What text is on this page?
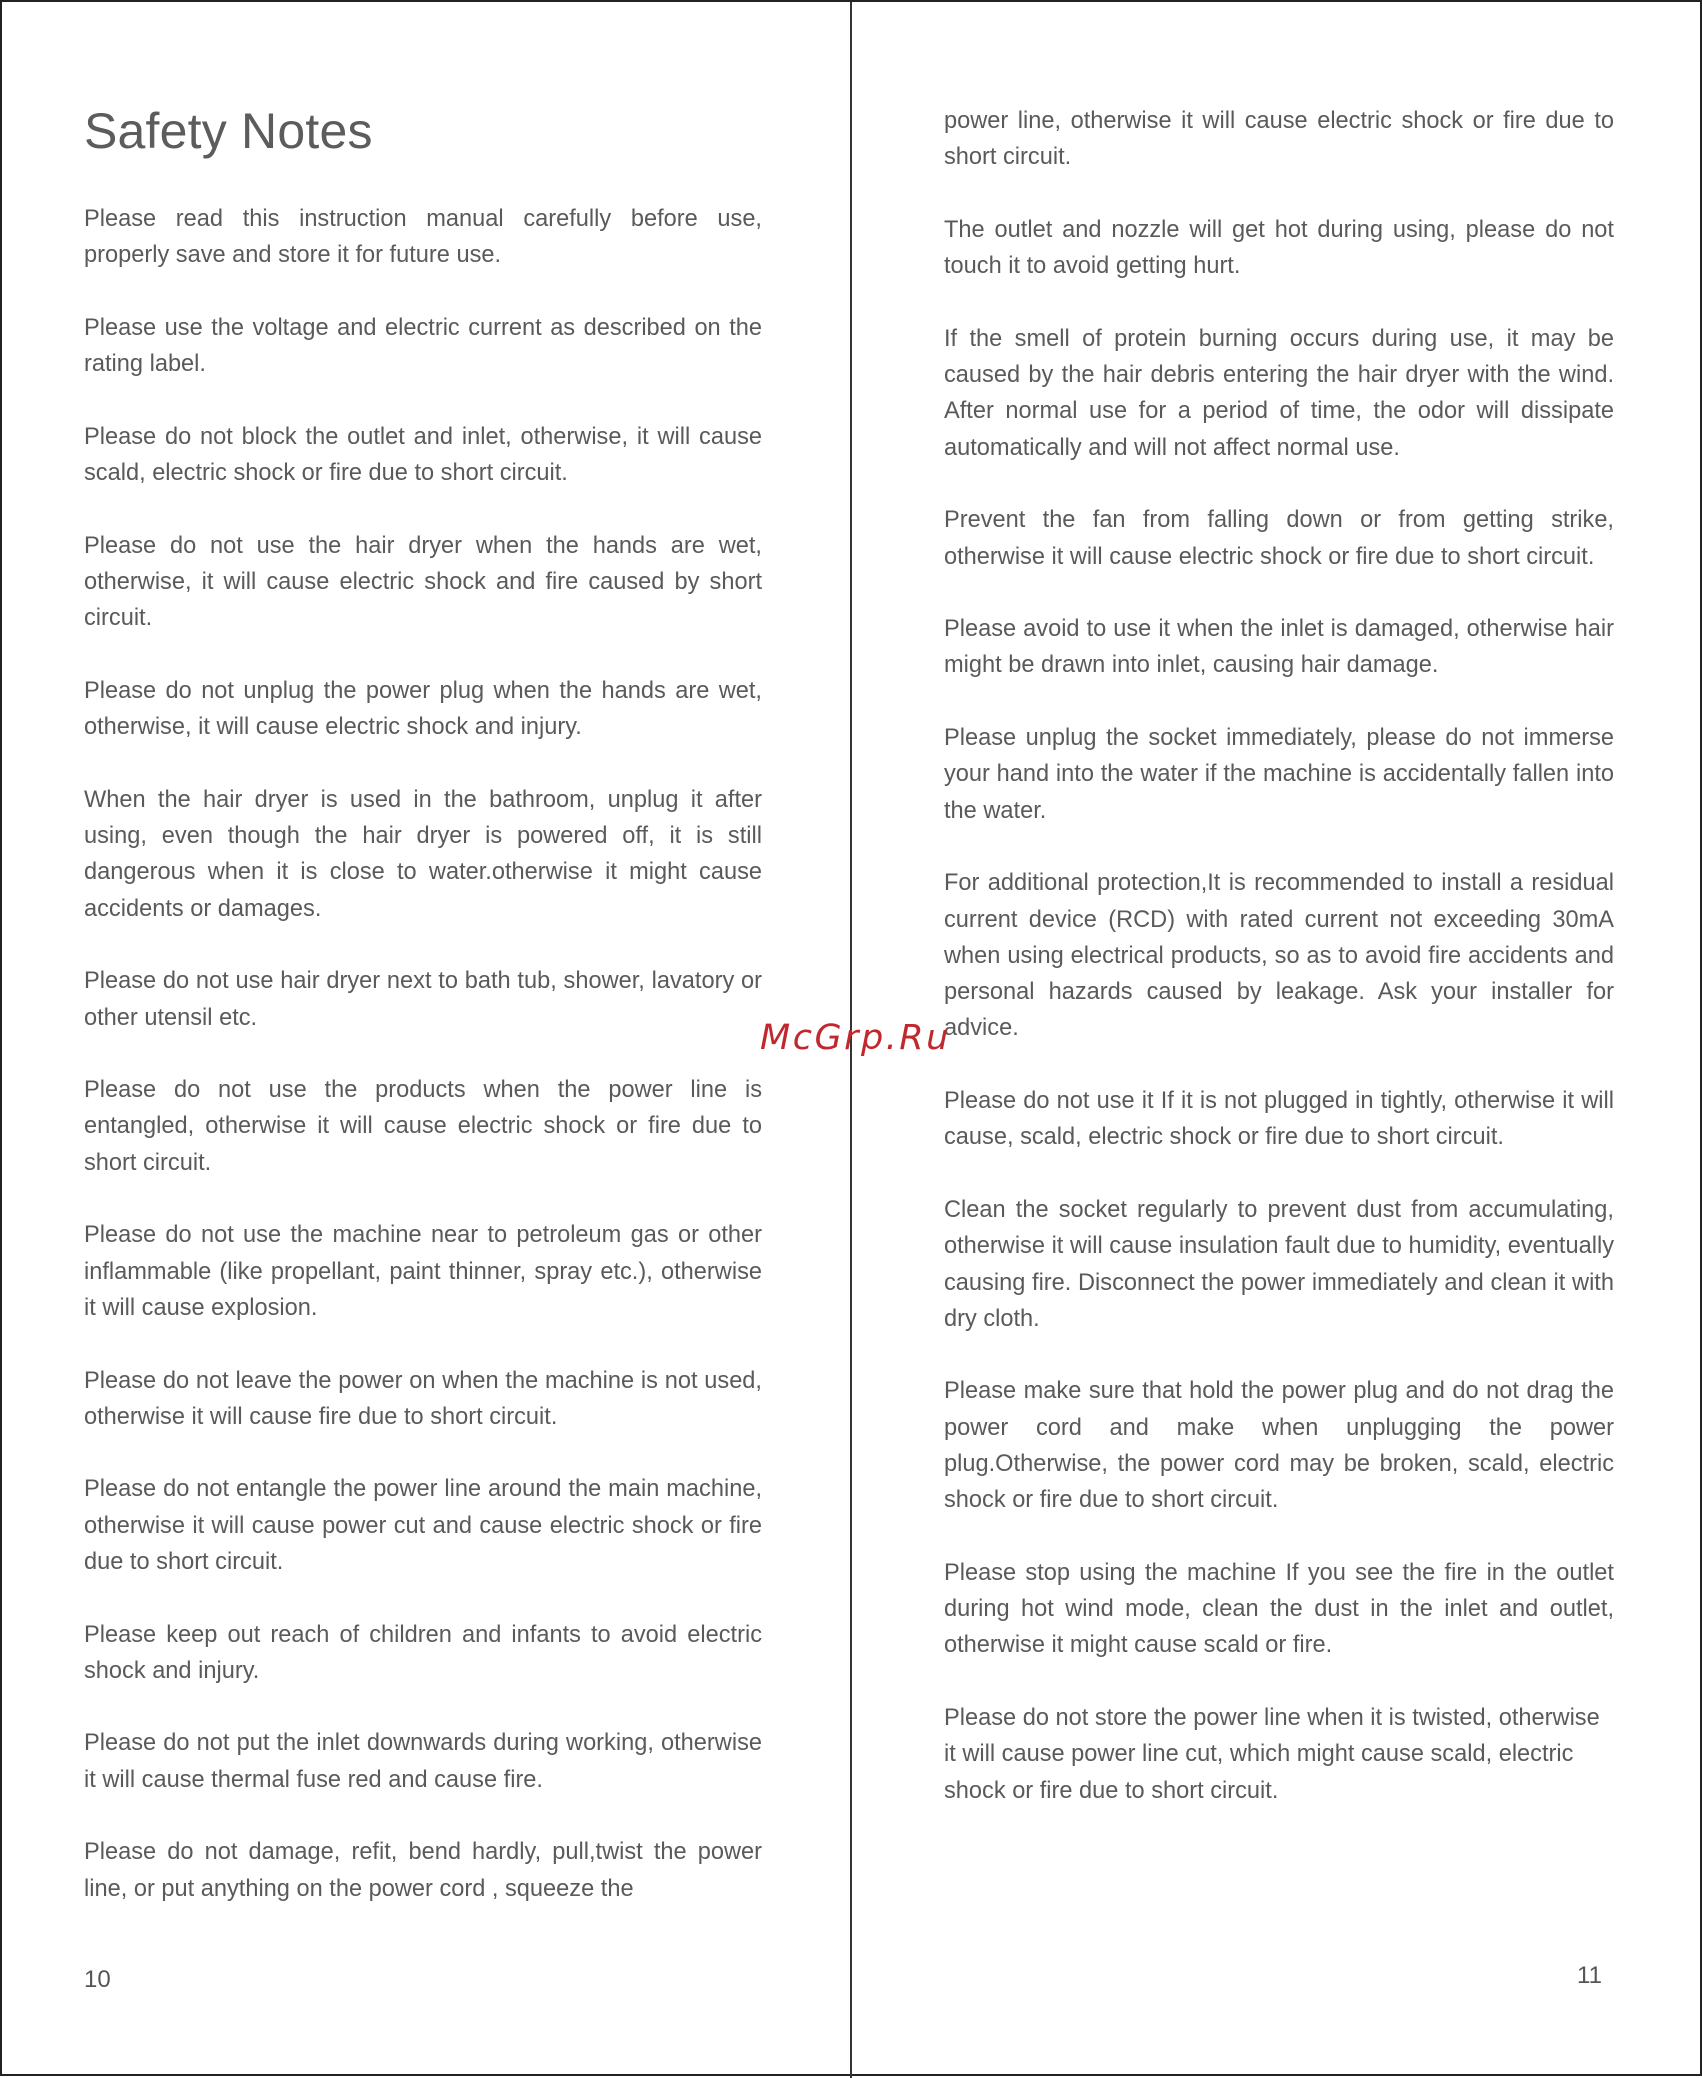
Safety Notes

Please read this instruction manual carefully before use, properly save and store it for future use.

Please use the voltage and electric current as described on the rating label.

Please do not block the outlet and inlet, otherwise, it will cause scald, electric shock or fire due to short circuit.

Please do not use the hair dryer when the hands are wet, otherwise, it will cause electric shock and fire caused by short circuit.

Please do not unplug the power plug when the hands are wet, otherwise, it will cause electric shock and injury.

When the hair dryer is used in the bathroom, unplug it after using, even though the hair dryer is powered off, it is still dangerous when it is close to water.otherwise it might cause accidents or damages.

Please do not use hair dryer next to bath tub, shower, lavatory or other utensil etc.

Please do not use the products when the power line is entangled, otherwise it will cause electric shock or fire due to short circuit.

Please do not use the machine near to petroleum gas or other inflammable (like propellant, paint thinner, spray etc.), otherwise it will cause explosion.

Please do not leave the power on when the machine is not used, otherwise it will cause fire due to short circuit.

Please do not entangle the power line around the main machine, otherwise it will cause power cut and cause electric shock or fire due to short circuit.

Please keep out reach of children and infants to avoid electric shock and injury.

Please do not put the inlet downwards during working, otherwise it will cause thermal fuse red and cause fire.

Please do not damage, refit, bend hardly, pull,twist the power line, or put anything on the power cord , squeeze the

10

power line, otherwise it will cause electric shock or fire due to short circuit.

The outlet and nozzle will get hot during using, please do not touch it to avoid getting hurt.

If the smell of protein burning occurs during use, it may be caused by the hair debris entering the hair dryer with the wind. After normal use for a period of time, the odor will dissipate automatically and will not affect normal use.

Prevent the fan from falling down or from getting strike, otherwise it will cause electric shock or fire due to short circuit.

Please avoid to use it when the inlet is damaged, otherwise hair might be drawn into inlet, causing hair damage.

Please unplug the socket immediately, please do not immerse your hand into the water if the machine is accidentally fallen into the water.

For additional protection,It is recommended to install a residual current device (RCD) with rated current not exceeding 30mA when using electrical products, so as to avoid fire accidents and personal hazards caused by leakage. Ask your installer for advice.

Please do not use it If it is not plugged in tightly, otherwise it will cause, scald, electric shock or fire due to short circuit.

Clean the socket regularly to prevent dust from accumulating, otherwise it will cause insulation fault due to humidity, eventually causing fire. Disconnect the power immediately and clean it with dry cloth.

Please make sure that hold the power plug and do not drag the power cord and make when unplugging the power plug.Otherwise, the power cord may be broken, scald, electric shock or fire due to short circuit.

Please stop using the machine If you see the fire in the outlet during hot wind mode, clean the dust in the inlet and outlet, otherwise it might cause scald or fire.

Please do not store the power line when it is twisted, otherwise it will cause power line cut, which might cause scald, electric shock or fire due to short circuit.

11
McGrp.Ru
